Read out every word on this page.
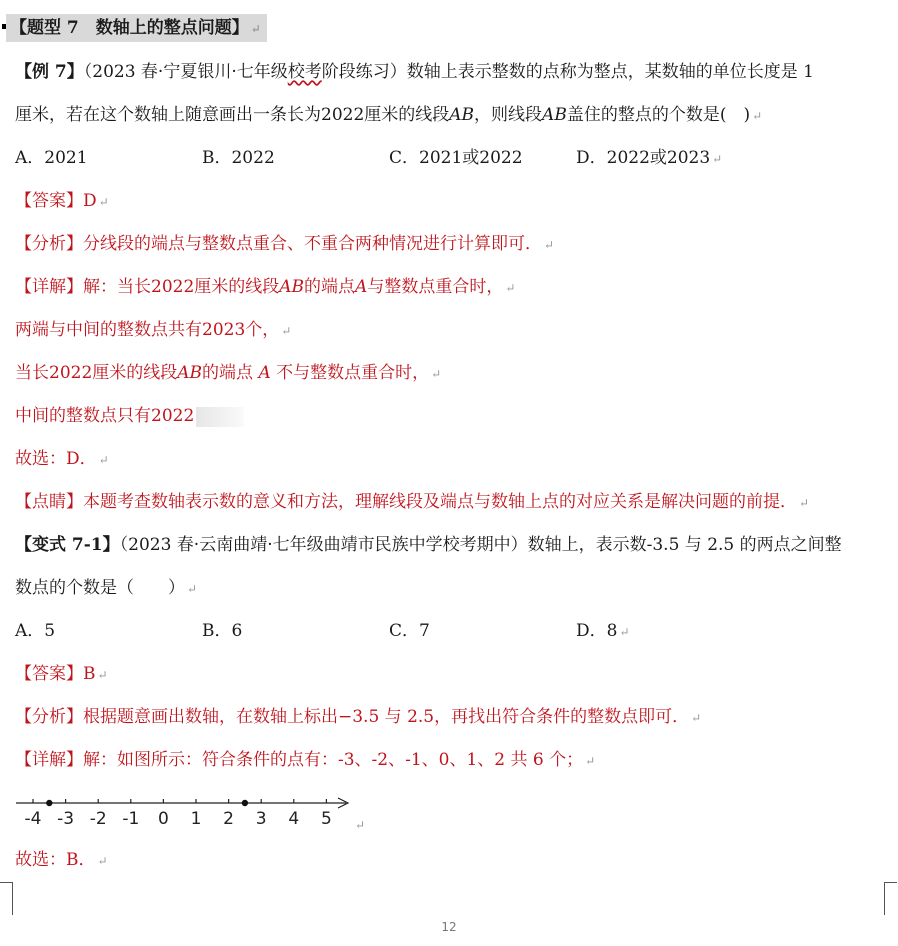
【题型 7　数轴上的整点问题】 ↵
【例 7】（2023 春·宁夏银川·七年级校考阶段练习）数轴上表示整数的点称为整点，某数轴的单位长度是 1
厘米，若在这个数轴上随意画出一条长为2022厘米的线段AB，则线段AB盖住的整点的个数是(　) ↵
A．2021	B．2022	C．2021或2022	D．2022或2023 ↵
【答案】D ↵
【分析】分线段的端点与整数点重合、不重合两种情况进行计算即可． ↵
【详解】解：当长2022厘米的线段AB的端点A与整数点重合时， ↵
两端与中间的整数点共有2023个， ↵
当长2022厘米的线段AB的端点 A 不与整数点重合时， ↵
中间的整数点只有2022
故选：D． ↵
【点睛】本题考查数轴表示数的意义和方法，理解线段及端点与数轴上点的对应关系是解决问题的前提． ↵
【变式 7-1】（2023 春·云南曲靖·七年级曲靖市民族中学校考期中）数轴上，表示数-3.5 与 2.5 的两点之间整
数点的个数是（　　） ↵
A．5	B．6	C．7	D．8 ↵
【答案】B ↵
【分析】根据题意画出数轴，在数轴上标出−3.5 与 2.5，再找出符合条件的整数点即可． ↵
【详解】解：如图所示：符合条件的点有：-3、-2、-1、0、1、2 共 6 个； ↵
-4 -3 -2 -1 0 1 2 3 4 5 ↵
故选：B． ↵
12
